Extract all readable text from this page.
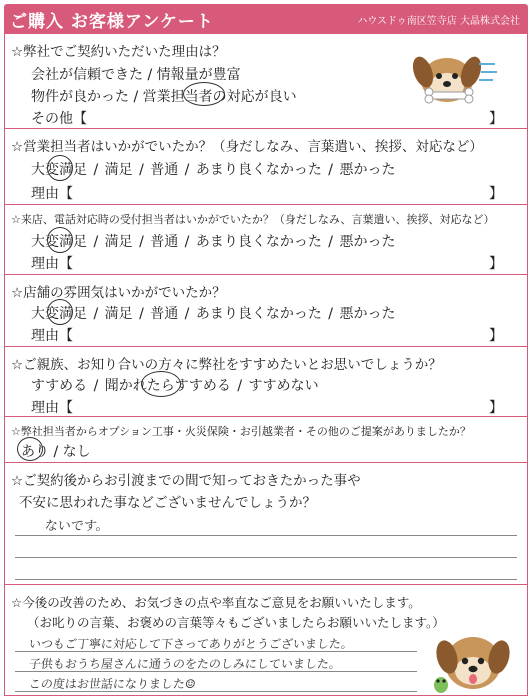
ご購入 お客様アンケート	ハウスドゥ南区笠寺店 大晶株式会社
☆弊社でご契約いただいた理由は？
会社が信頼できた / 情報量が豊富
物件が良かった / 営業担当者の対応が良い
その他【	】
☆営業担当者はいかがでいたか？（身だしなみ、言葉遣い、挨拶、対応など）
大変満足 / 満足 / 普通 / あまり良くなかった / 悪かった
理由【	】
☆来店、電話対応時の受付担当者はいかがでいたか？（身だしなみ、言葉遣い、挨拶、対応など）
大変満足 / 満足 / 普通 / あまり良くなかった / 悪かった
理由【	】
☆店舗の雰囲気はいかがでいたか？
大変満足 / 満足 / 普通 / あまり良くなかった / 悪かった
理由【	】
☆ご親族、お知り合いの方々に弊社をすすめたいとお思いでしょうか？
すすめる / 聞かれたらすすめる / すすめない
理由【	】
☆弊社担当者からオプション工事・火災保険・お引越業者・その他のご提案がありましたか？
あり / なし
☆ご契約後からお引渡までの間で知っておきたかった事や
不安に思われた事などございませんでしょうか？
ないです。
☆今後の改善のため、お気づきの点や率直なご意見をお願いいたします。
（お叱りの言葉、お褒めの言葉等々もございましたらお願いいたします。）
いつもご丁寧に対応して下さってありがとうございました。
子供もおうち屋さんに通うのをたのしみにしていました。
この度はお世話になりました☺
